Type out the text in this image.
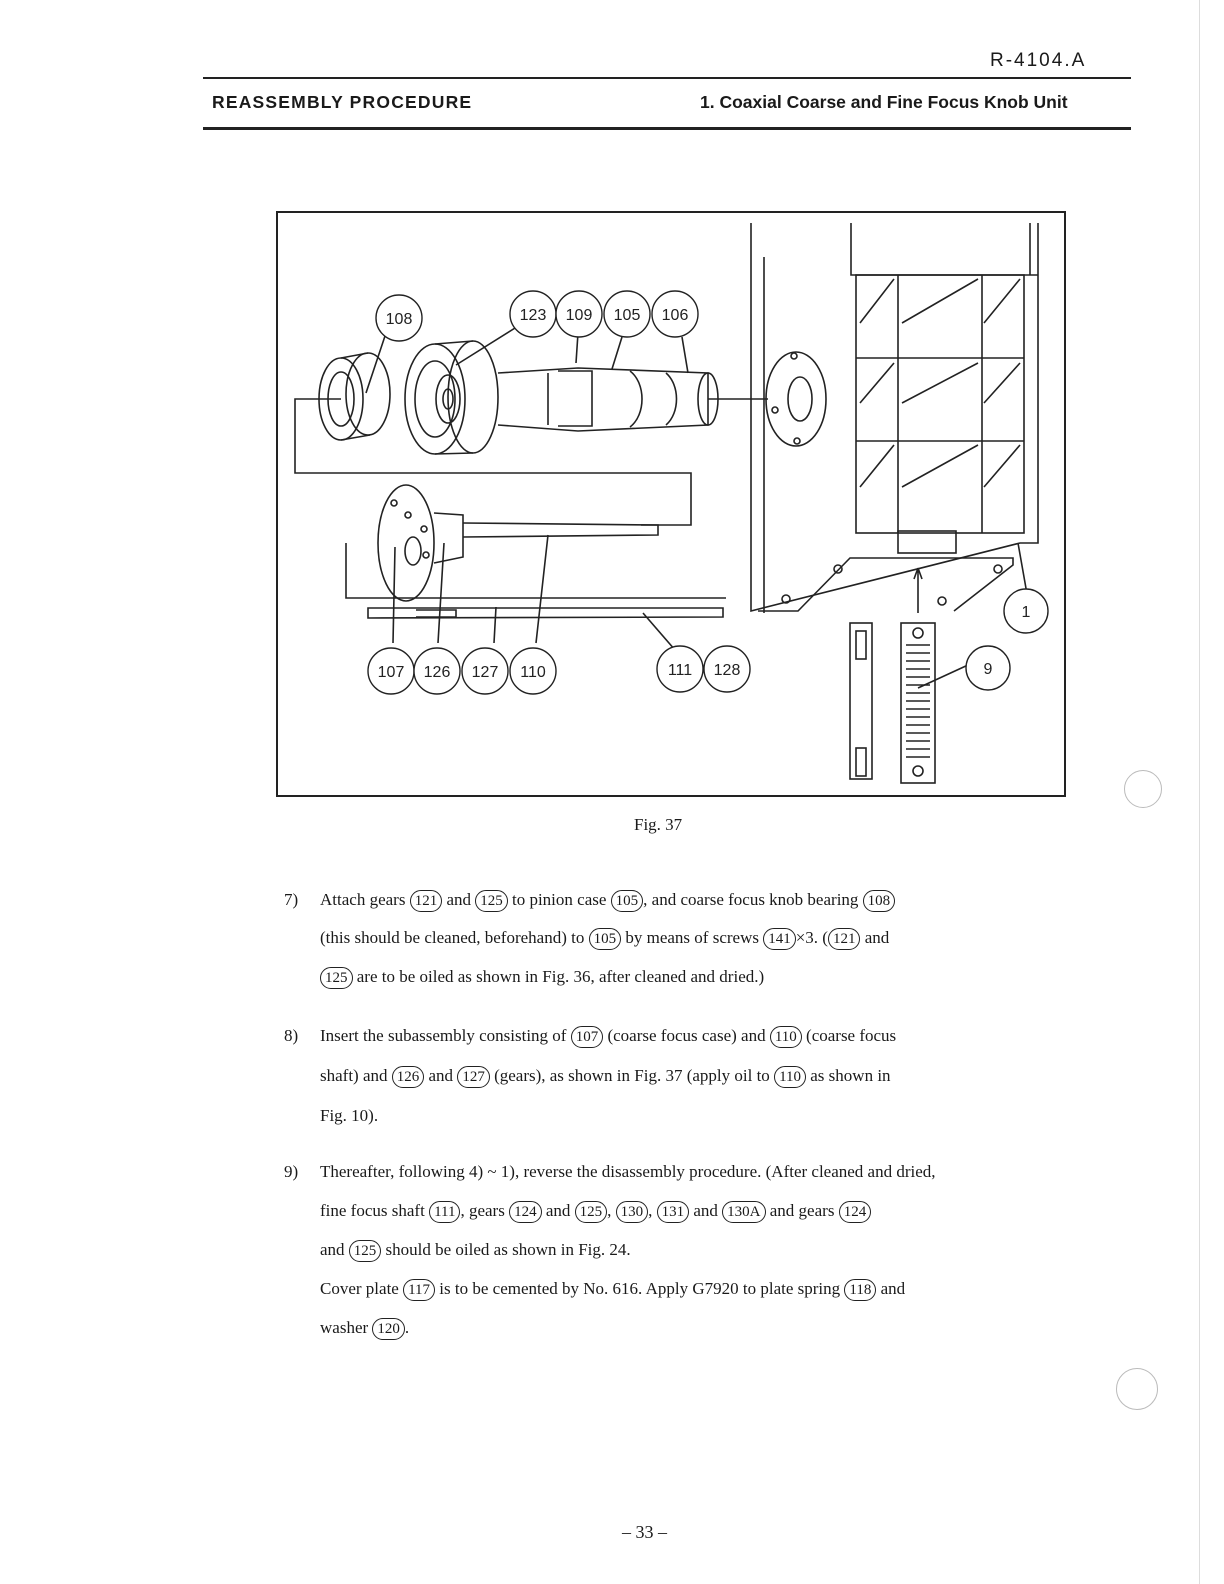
R-4104.A
REASSEMBLY PROCEDURE	1. Coaxial Coarse and Fine Focus Knob Unit
108	123 109 105 106
107 126 127 110	111 128
1
9
Fig. 37
7) Attach gears 121 and 125 to pinion case 105 , and coarse focus knob bearing 108
(this should be cleaned, beforehand) to 105 by means of screws 141 ×3. ( 121 and
125 are to be oiled as shown in Fig. 36, after cleaned and dried.)
8) Insert the subassembly consisting of 107 (coarse focus case) and 110 (coarse focus
shaft) and 126 and 127 (gears), as shown in Fig. 37 (apply oil to 110 as shown in
Fig. 10).
9) Thereafter, following 4) ~ 1), reverse the disassembly procedure. (After cleaned and dried,
fine focus shaft 111 , gears 124 and 125 , 130 , 131 and 130A and gears 124
and 125 should be oiled as shown in Fig. 24.
Cover plate 117 is to be cemented by No. 616. Apply G7920 to plate spring 118 and
washer 120 .
– 33 –
